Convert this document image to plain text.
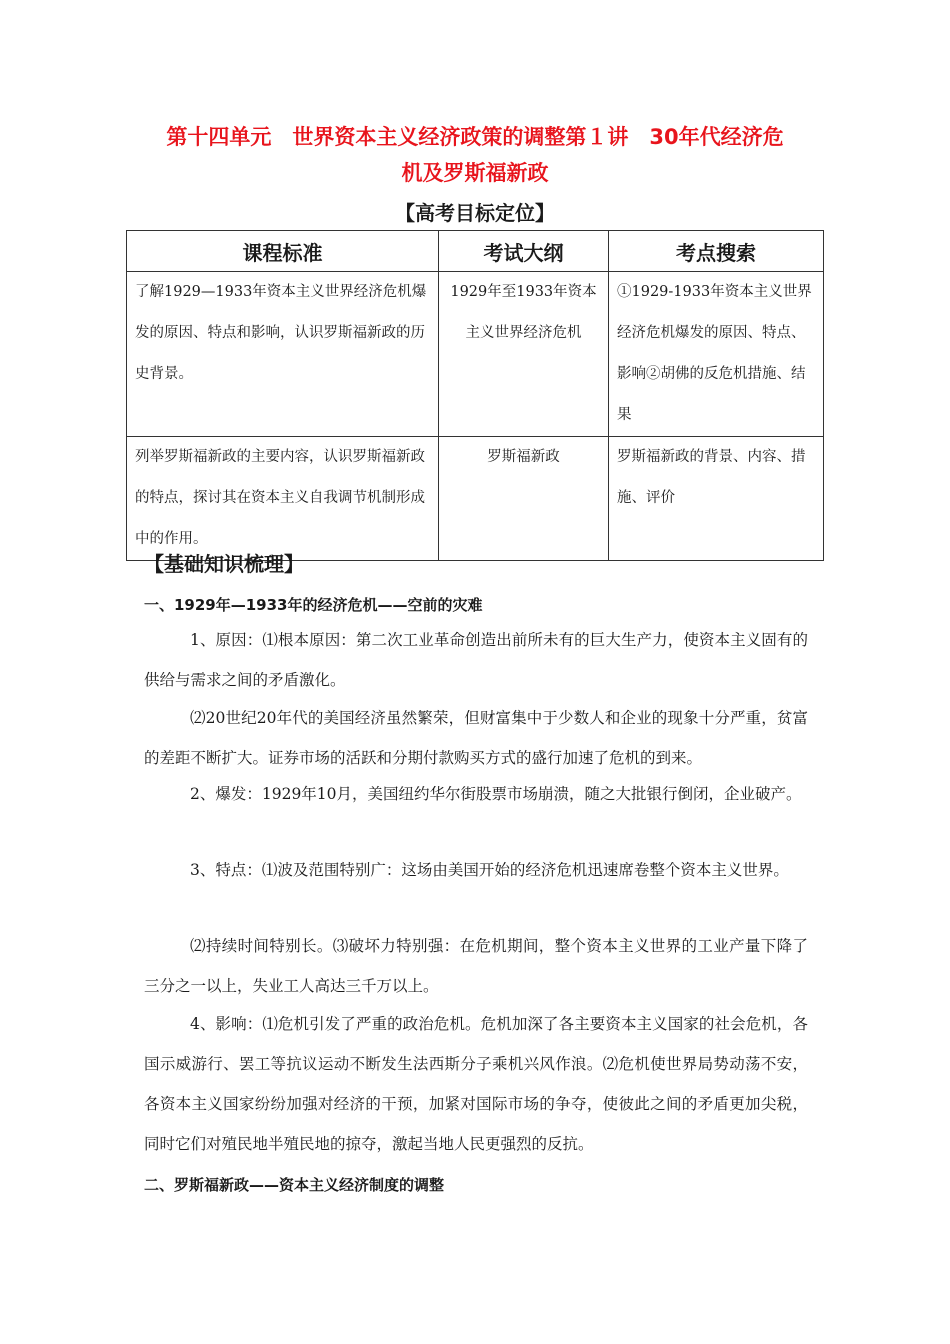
第十四单元　世界资本主义经济政策的调整第１讲　30年代经济危
机及罗斯福新政
【高考目标定位】
课程标准	考试大纲	考点搜索
了解1929—1933年资本主义世界经济危机爆发的原因、特点和影响，认识罗斯福新政的历史背景。	1929年至1933年资本主义世界经济危机	①1929-1933年资本主义世界经济危机爆发的原因、特点、影响②胡佛的反危机措施、结果
列举罗斯福新政的主要内容，认识罗斯福新政的特点，探讨其在资本主义自我调节机制形成中的作用。	罗斯福新政	罗斯福新政的背景、内容、措施、评价
【基础知识梳理】
一、1929年—1933年的经济危机——空前的灾难

1、原因：⑴根本原因：第二次工业革命创造出前所未有的巨大生产力，使资本主义固有的供给与需求之间的矛盾激化。

⑵20世纪20年代的美国经济虽然繁荣，但财富集中于少数人和企业的现象十分严重，贫富的差距不断扩大。证券市场的活跃和分期付款购买方式的盛行加速了危机的到来。

2、爆发：1929年10月，美国纽约华尔街股票市场崩溃，随之大批银行倒闭，企业破产。

3、特点：⑴波及范围特别广：这场由美国开始的经济危机迅速席卷整个资本主义世界。

⑵持续时间特别长。⑶破坏力特别强：在危机期间，整个资本主义世界的工业产量下降了三分之一以上，失业工人高达三千万以上。

4、影响：⑴危机引发了严重的政治危机。危机加深了各主要资本主义国家的社会危机，各国示威游行、罢工等抗议运动不断发生法西斯分子乘机兴风作浪。⑵危机使世界局势动荡不安，各资本主义国家纷纷加强对经济的干预，加紧对国际市场的争夺，使彼此之间的矛盾更加尖税，同时它们对殖民地半殖民地的掠夺，激起当地人民更强烈的反抗。

二、罗斯福新政——资本主义经济制度的调整
